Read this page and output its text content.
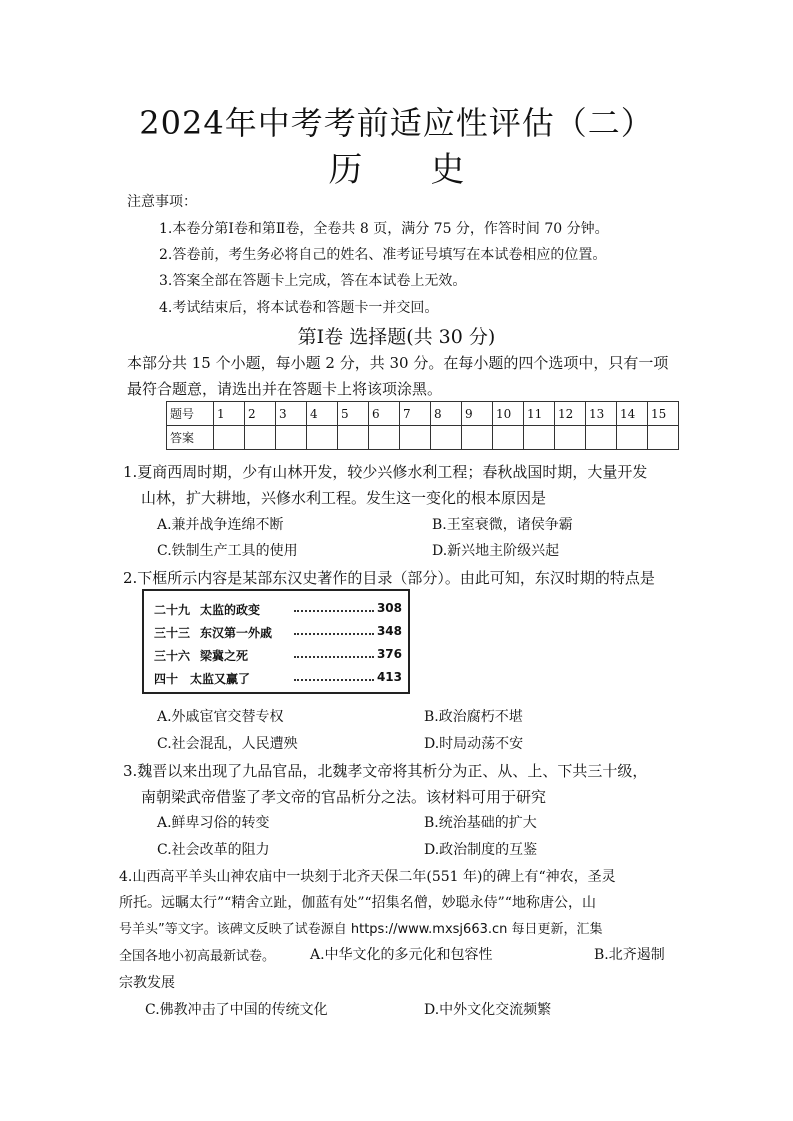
2024年中考考前适应性评估（二）
历 史
注意事项：
1.本卷分第Ⅰ卷和第Ⅱ卷，全卷共 8 页，满分 75 分，作答时间 70 分钟。
2.答卷前，考生务必将自己的姓名、准考证号填写在本试卷相应的位置。
3.答案全部在答题卡上完成，答在本试卷上无效。
4.考试结束后，将本试卷和答题卡一并交回。
第Ⅰ卷 选择题(共 30 分)
本部分共 15 个小题，每小题 2 分，共 30 分。在每小题的四个选项中，只有一项
最符合题意，请选出并在答题卡上将该项涂黑。
题号	1	2	3	4	5	6	7	8	9	10	11	12	13	14	15
答案															
1.夏商西周时期，少有山林开发，较少兴修水利工程；春秋战国时期，大量开发
山林，扩大耕地，兴修水利工程。发生这一变化的根本原因是
A.兼并战争连绵不断	B.王室衰微，诸侯争霸
C.铁制生产工具的使用	D.新兴地主阶级兴起
2.下框所示内容是某部东汉史著作的目录（部分）。由此可知，东汉时期的特点是
二十九 太监的政变	308
三十三 东汉第一外戚	348
三十六 梁冀之死	376
四十 太监又赢了	413
A.外戚宦官交替专权	B.政治腐朽不堪
C.社会混乱，人民遭殃	D.时局动荡不安
3.魏晋以来出现了九品官品，北魏孝文帝将其析分为正、从、上、下共三十级，
南朝梁武帝借鉴了孝文帝的官品析分之法。该材料可用于研究
A.鲜卑习俗的转变	B.统治基础的扩大
C.社会改革的阻力	D.政治制度的互鉴
4.山西高平羊头山神农庙中一块刻于北齐天保二年(551 年)的碑上有“神农，圣灵
所托。远瞩太行”“精舍立趾，伽蓝有处”“招集名僧，妙聪永侍”“地称唐公，山
号羊头”等文字。该碑文反映了试卷源自 https://www.mxsj663.cn 每日更新，汇集
全国各地小初高最新试卷。 A.中华文化的多元化和包容性	B.北齐遏制
宗教发展
C.佛教冲击了中国的传统文化	D.中外文化交流频繁
